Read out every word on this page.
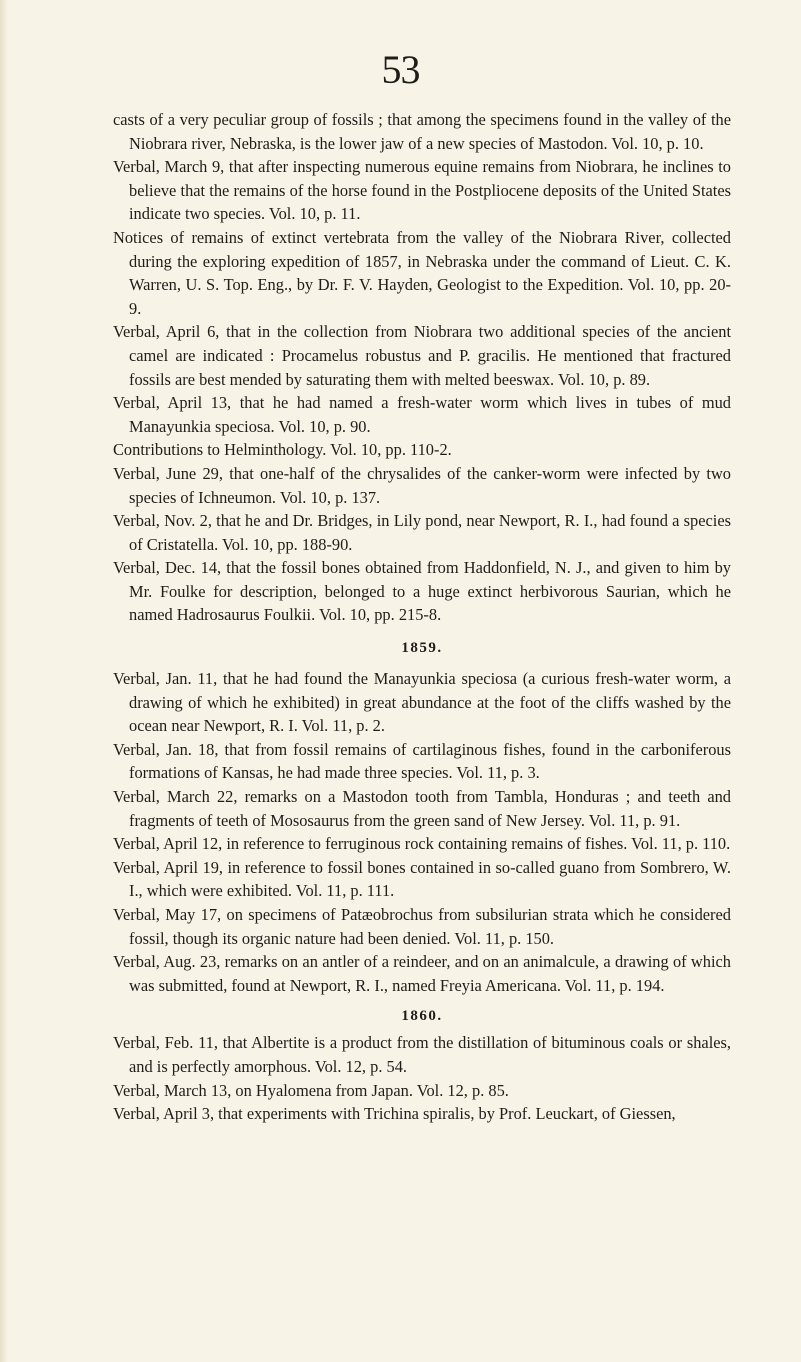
53

casts of a very peculiar group of fossils ; that among the specimens found in the valley of the Niobrara river, Nebraska, is the lower jaw of a new species of Mastodon. Vol. 10, p. 10.

Verbal, March 9, that after inspecting numerous equine remains from Niobrara, he inclines to believe that the remains of the horse found in the Postpliocene deposits of the United States indicate two species. Vol. 10, p. 11.

Notices of remains of extinct vertebrata from the valley of the Niobrara River, collected during the exploring expedition of 1857, in Nebraska under the command of Lieut. C. K. Warren, U. S. Top. Eng., by Dr. F. V. Hayden, Geologist to the Expedition. Vol. 10, pp. 20-9.

Verbal, April 6, that in the collection from Niobrara two additional species of the ancient camel are indicated : Procamelus robustus and P. gracilis. He mentioned that fractured fossils are best mended by saturating them with melted beeswax. Vol. 10, p. 89.

Verbal, April 13, that he had named a fresh-water worm which lives in tubes of mud Manayunkia speciosa. Vol. 10, p. 90.

Contributions to Helminthology. Vol. 10, pp. 110-2.

Verbal, June 29, that one-half of the chrysalides of the canker-worm were infected by two species of Ichneumon. Vol. 10, p. 137.

Verbal, Nov. 2, that he and Dr. Bridges, in Lily pond, near Newport, R. I., had found a species of Cristatella. Vol. 10, pp. 188-90.

Verbal, Dec. 14, that the fossil bones obtained from Haddonfield, N. J., and given to him by Mr. Foulke for description, belonged to a huge extinct herbivorous Saurian, which he named Hadrosaurus Foulkii. Vol. 10, pp. 215-8.

1859.

Verbal, Jan. 11, that he had found the Manayunkia speciosa (a curious fresh-water worm, a drawing of which he exhibited) in great abundance at the foot of the cliffs washed by the ocean near Newport, R. I. Vol. 11, p. 2.

Verbal, Jan. 18, that from fossil remains of cartilaginous fishes, found in the carboniferous formations of Kansas, he had made three species. Vol. 11, p. 3.

Verbal, March 22, remarks on a Mastodon tooth from Tambla, Honduras ; and teeth and fragments of teeth of Mososaurus from the green sand of New Jersey. Vol. 11, p. 91.

Verbal, April 12, in reference to ferruginous rock containing remains of fishes. Vol. 11, p. 110.

Verbal, April 19, in reference to fossil bones contained in so-called guano from Sombrero, W. I., which were exhibited. Vol. 11, p. 111.

Verbal, May 17, on specimens of Patæobrochus from subsilurian strata which he considered fossil, though its organic nature had been denied. Vol. 11, p. 150.

Verbal, Aug. 23, remarks on an antler of a reindeer, and on an animalcule, a drawing of which was submitted, found at Newport, R. I., named Freyia Americana. Vol. 11, p. 194.

1860.

Verbal, Feb. 11, that Albertite is a product from the distillation of bituminous coals or shales, and is perfectly amorphous. Vol. 12, p. 54.

Verbal, March 13, on Hyalomena from Japan. Vol. 12, p. 85.

Verbal, April 3, that experiments with Trichina spiralis, by Prof. Leuckart, of Giessen,
